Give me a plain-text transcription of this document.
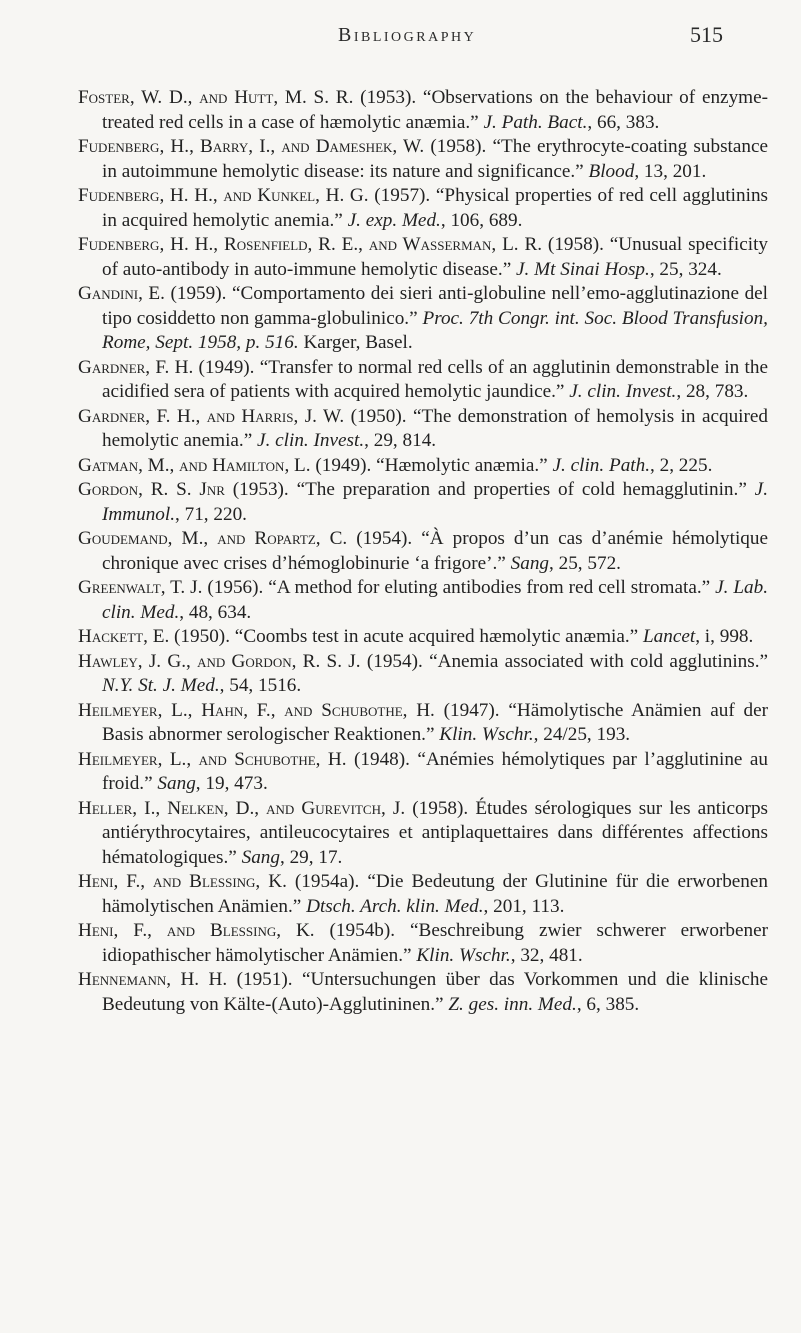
Bibliography	515

Foster, W. D., and Hutt, M. S. R. (1953). “Observations on the behaviour of enzyme-treated red cells in a case of hæmolytic anæmia.” J. Path. Bact., 66, 383.

Fudenberg, H., Barry, I., and Dameshek, W. (1958). “The erythrocyte-coating substance in autoimmune hemolytic disease: its nature and significance.” Blood, 13, 201.

Fudenberg, H. H., and Kunkel, H. G. (1957). “Physical properties of red cell agglutinins in acquired hemolytic anemia.” J. exp. Med., 106, 689.

Fudenberg, H. H., Rosenfield, R. E., and Wasserman, L. R. (1958). “Unusual specificity of auto-antibody in auto-immune hemolytic disease.” J. Mt Sinai Hosp., 25, 324.

Gandini, E. (1959). “Comportamento dei sieri anti-globuline nell’emo-agglutinazione del tipo cosiddetto non gamma-globulinico.” Proc. 7th Congr. int. Soc. Blood Transfusion, Rome, Sept. 1958, p. 516. Karger, Basel.

Gardner, F. H. (1949). “Transfer to normal red cells of an agglutinin demonstrable in the acidified sera of patients with acquired hemolytic jaundice.” J. clin. Invest., 28, 783.

Gardner, F. H., and Harris, J. W. (1950). “The demonstration of hemolysis in acquired hemolytic anemia.” J. clin. Invest., 29, 814.

Gatman, M., and Hamilton, L. (1949). “Hæmolytic anæmia.” J. clin. Path., 2, 225.

Gordon, R. S. Jnr (1953). “The preparation and properties of cold hemagglutinin.” J. Immunol., 71, 220.

Goudemand, M., and Ropartz, C. (1954). “À propos d’un cas d’anémie hémolytique chronique avec crises d’hémoglobinurie ‘a frigore’.” Sang, 25, 572.

Greenwalt, T. J. (1956). “A method for eluting antibodies from red cell stromata.” J. Lab. clin. Med., 48, 634.

Hackett, E. (1950). “Coombs test in acute acquired hæmolytic anæmia.” Lancet, i, 998.

Hawley, J. G., and Gordon, R. S. J. (1954). “Anemia associated with cold agglutinins.” N.Y. St. J. Med., 54, 1516.

Heilmeyer, L., Hahn, F., and Schubothe, H. (1947). “Hämolytische Anämien auf der Basis abnormer serologischer Reaktionen.” Klin. Wschr., 24/25, 193.

Heilmeyer, L., and Schubothe, H. (1948). “Anémies hémolytiques par l’agglutinine au froid.” Sang, 19, 473.

Heller, I., Nelken, D., and Gurevitch, J. (1958). Études sérologiques sur les anticorps antiérythrocytaires, antileucocytaires et antiplaquettaires dans différentes affections hématologiques.” Sang, 29, 17.

Heni, F., and Blessing, K. (1954a). “Die Bedeutung der Glutinine für die erworbenen hämolytischen Anämien.” Dtsch. Arch. klin. Med., 201, 113.

Heni, F., and Blessing, K. (1954b). “Beschreibung zwier schwerer erworbener idiopathischer hämolytischer Anämien.” Klin. Wschr., 32, 481.

Hennemann, H. H. (1951). “Untersuchungen über das Vorkommen und die klinische Bedeutung von Kälte-(Auto)-Agglutininen.” Z. ges. inn. Med., 6, 385.
